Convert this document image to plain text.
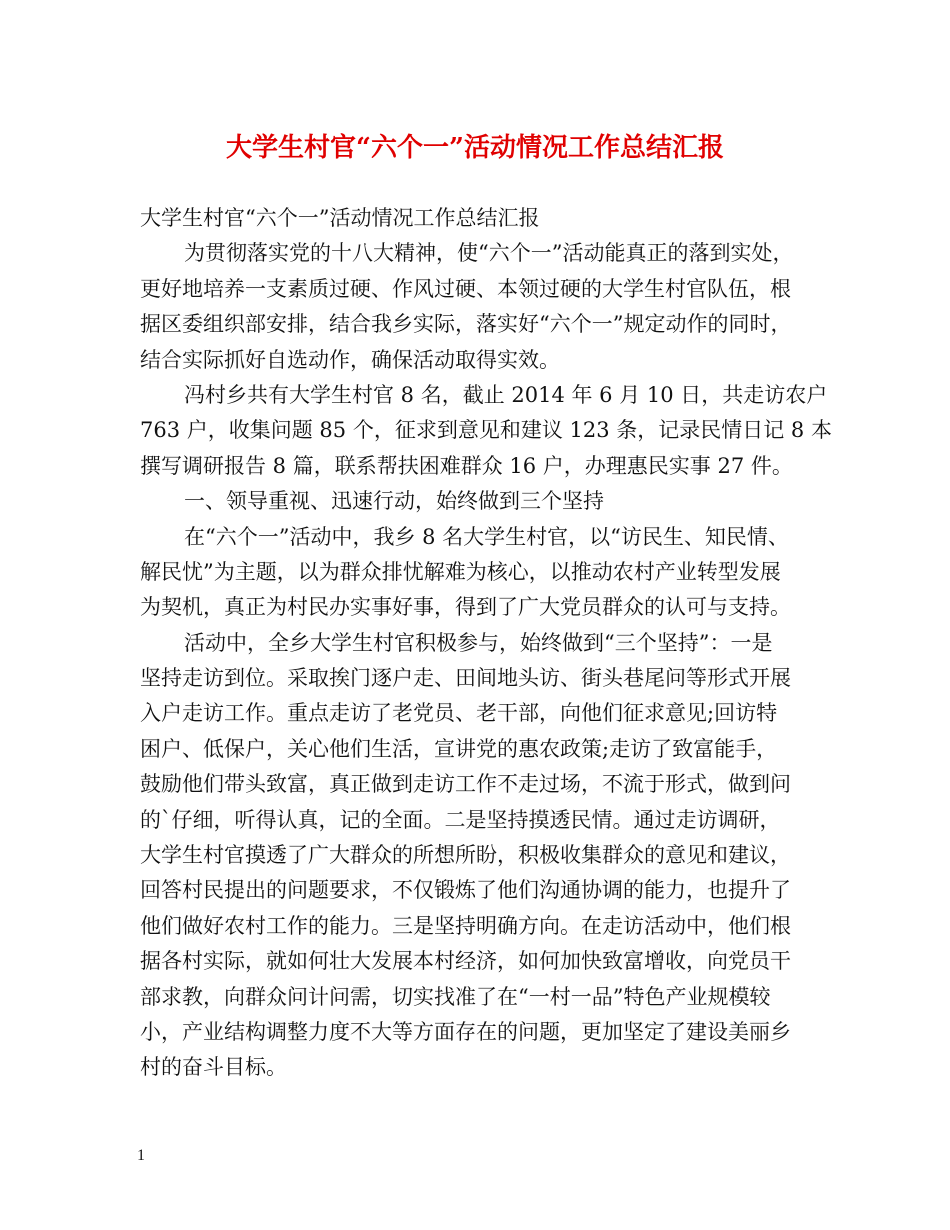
大学生村官“六个一”活动情况工作总结汇报
大学生村官“六个一”活动情况工作总结汇报
为贯彻落实党的十八大精神，使“六个一”活动能真正的落到实处，
更好地培养一支素质过硬、作风过硬、本领过硬的大学生村官队伍，根
据区委组织部安排，结合我乡实际，落实好“六个一”规定动作的同时，
结合实际抓好自选动作，确保活动取得实效。
冯村乡共有大学生村官 8 名，截止 2014 年 6 月 10 日，共走访农户
763 户，收集问题 85 个，征求到意见和建议 123 条，记录民情日记 8 本
撰写调研报告 8 篇，联系帮扶困难群众 16 户，办理惠民实事 27 件。
一、领导重视、迅速行动，始终做到三个坚持
在“六个一”活动中，我乡 8 名大学生村官，以“访民生、知民情、
解民忧”为主题，以为群众排忧解难为核心，以推动农村产业转型发展
为契机，真正为村民办实事好事，得到了广大党员群众的认可与支持。
活动中，全乡大学生村官积极参与，始终做到“三个坚持”：一是
坚持走访到位。采取挨门逐户走、田间地头访、街头巷尾问等形式开展
入户走访工作。重点走访了老党员、老干部，向他们征求意见;回访特
困户、低保户，关心他们生活，宣讲党的惠农政策;走访了致富能手，
鼓励他们带头致富，真正做到走访工作不走过场，不流于形式，做到问
的`仔细，听得认真，记的全面。二是坚持摸透民情。通过走访调研，
大学生村官摸透了广大群众的所想所盼，积极收集群众的意见和建议，
回答村民提出的问题要求，不仅锻炼了他们沟通协调的能力，也提升了
他们做好农村工作的能力。三是坚持明确方向。在走访活动中，他们根
据各村实际，就如何壮大发展本村经济，如何加快致富增收，向党员干
部求教，向群众问计问需，切实找准了在“一村一品”特色产业规模较
小，产业结构调整力度不大等方面存在的问题，更加坚定了建设美丽乡
村的奋斗目标。
1
